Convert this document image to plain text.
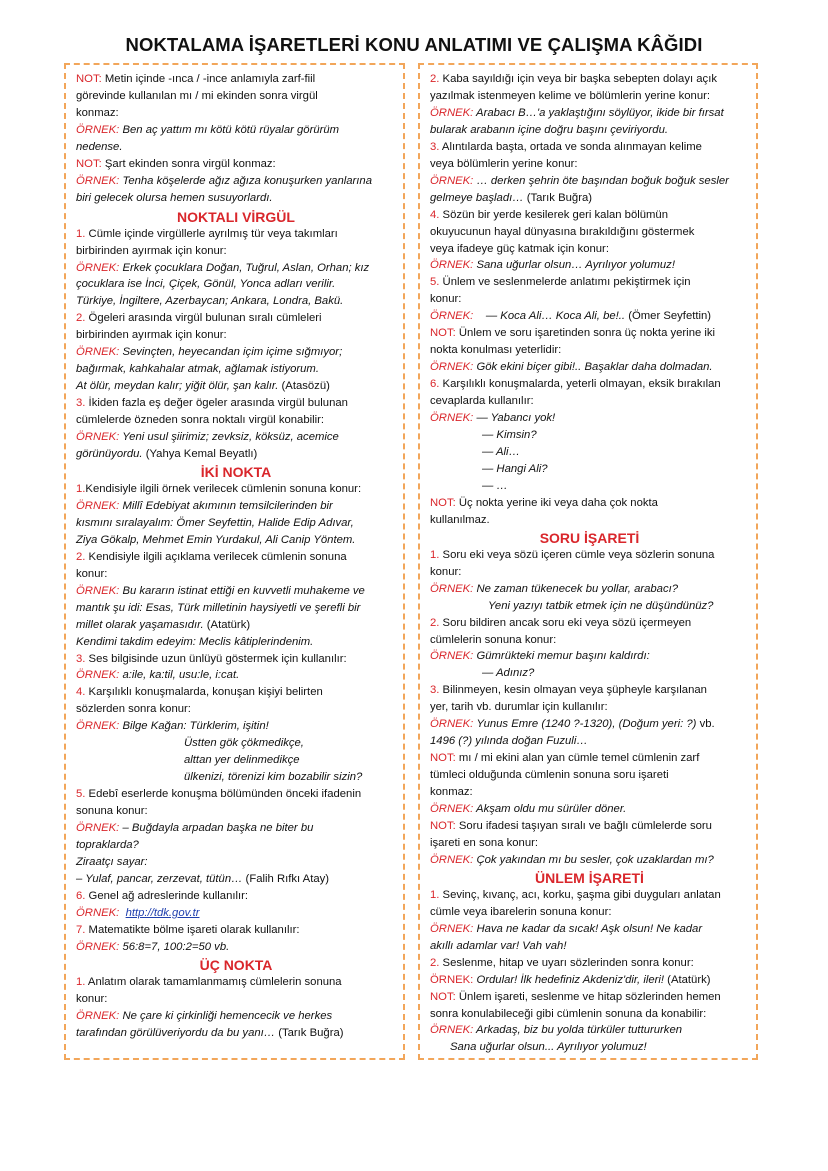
NOKTALAMA İŞARETLERİ KONU ANLATIMI VE ÇALIŞMA KÂĞIDI

NOT: Metin içinde -ınca / -ince anlamıyla zarf-fiil

görevinde kullanılan mı / mi ekinden sonra virgül

konmaz:

ÖRNEK: Ben aç yattım mı kötü kötü rüyalar görürüm

nedense.

NOT: Şart ekinden sonra virgül konmaz:

ÖRNEK: Tenha köşelerde ağız ağıza konuşurken yanlarına

biri gelecek olursa hemen susuyorlardı.

NOKTALI VİRGÜL

1. Cümle içinde virgüllerle ayrılmış tür veya takımları

birbirinden ayırmak için konur:

ÖRNEK: Erkek çocuklara Doğan, Tuğrul, Aslan, Orhan; kız

çocuklara ise İnci, Çiçek, Gönül, Yonca adları verilir.

Türkiye, İngiltere, Azerbaycan; Ankara, Londra, Bakü.

2. Ögeleri arasında virgül bulunan sıralı cümleleri

birbirinden ayırmak için konur:

ÖRNEK: Sevinçten, heyecandan içim içime sığmıyor;

bağırmak, kahkahalar atmak, ağlamak istiyorum.

At ölür, meydan kalır; yiğit ölür, şan kalır. (Atasözü)

3. İkiden fazla eş değer ögeler arasında virgül bulunan

cümlelerde özneden sonra noktalı virgül konabilir:

ÖRNEK: Yeni usul şiirimiz; zevksiz, köksüz, acemice

görünüyordu. (Yahya Kemal Beyatlı)

İKİ NOKTA

1.Kendisiyle ilgili örnek verilecek cümlenin sonuna konur:

ÖRNEK: Millî Edebiyat akımının temsilcilerinden bir

kısmını sıralayalım: Ömer Seyfettin, Halide Edip Adıvar,

Ziya Gökalp, Mehmet Emin Yurdakul, Ali Canip Yöntem.

2. Kendisiyle ilgili açıklama verilecek cümlenin sonuna

konur:

ÖRNEK: Bu kararın istinat ettiği en kuvvetli muhakeme ve

mantık şu idi: Esas, Türk milletinin haysiyetli ve şerefli bir

millet olarak yaşamasıdır. (Atatürk)

Kendimi takdim edeyim: Meclis kâtiplerindenim.

3. Ses bilgisinde uzun ünlüyü göstermek için kullanılır:

ÖRNEK: a:ile, ka:til, usu:le, i:cat.

4. Karşılıklı konuşmalarda, konuşan kişiyi belirten

sözlerden sonra konur:

ÖRNEK: Bilge Kağan: Türklerim, işitin!

Üstten gök çökmedikçe,

alttan yer delinmedikçe

ülkenizi, törenizi kim bozabilir sizin?

5. Edebî eserlerde konuşma bölümünden önceki ifadenin

sonuna konur:

ÖRNEK: – Buğdayla arpadan başka ne biter bu

topraklarda?

Ziraatçı sayar:

– Yulaf, pancar, zerzevat, tütün… (Falih Rıfkı Atay)

6. Genel ağ adreslerinde kullanılır:

ÖRNEK: http://tdk.gov.tr

7. Matematikte bölme işareti olarak kullanılır:

ÖRNEK: 56:8=7, 100:2=50 vb.

ÜÇ NOKTA

1. Anlatım olarak tamamlanmamış cümlelerin sonuna

konur:

ÖRNEK: Ne çare ki çirkinliği hemencecik ve herkes

tarafından görülüveriyordu da bu yanı… (Tarık Buğra)

2. Kaba sayıldığı için veya bir başka sebepten dolayı açık

yazılmak istenmeyen kelime ve bölümlerin yerine konur:

ÖRNEK: Arabacı B…'a yaklaştığını söylüyor, ikide bir fırsat

bularak arabanın içine doğru başını çeviriyordu.

3. Alıntılarda başta, ortada ve sonda alınmayan kelime

veya bölümlerin yerine konur:

ÖRNEK: … derken şehrin öte başından boğuk boğuk sesler

gelmeye başladı… (Tarık Buğra)

4. Sözün bir yerde kesilerek geri kalan bölümün

okuyucunun hayal dünyasına bırakıldığını göstermek

veya ifadeye güç katmak için konur:

ÖRNEK: Sana uğurlar olsun… Ayrılıyor yolumuz!

5. Ünlem ve seslenmelerde anlatımı pekiştirmek için

konur:

ÖRNEK: — Koca Ali… Koca Ali, be!.. (Ömer Seyfettin)

NOT: Ünlem ve soru işaretinden sonra üç nokta yerine iki

nokta konulması yeterlidir:

ÖRNEK: Gök ekini biçer gibi!.. Başaklar daha dolmadan.

6. Karşılıklı konuşmalarda, yeterli olmayan, eksik bırakılan

cevaplarda kullanılır:

ÖRNEK: — Yabancı yok!

— Kimsin?

— Ali…

— Hangi Ali?

— …

NOT: Üç nokta yerine iki veya daha çok nokta

kullanılmaz.

SORU İŞARETİ

1. Soru eki veya sözü içeren cümle veya sözlerin sonuna

konur:

ÖRNEK: Ne zaman tükenecek bu yollar, arabacı?

Yeni yazıyı tatbik etmek için ne düşündünüz?

2. Soru bildiren ancak soru eki veya sözü içermeyen

cümlelerin sonuna konur:

ÖRNEK: Gümrükteki memur başını kaldırdı:

— Adınız?

3. Bilinmeyen, kesin olmayan veya şüpheyle karşılanan

yer, tarih vb. durumlar için kullanılır:

ÖRNEK: Yunus Emre (1240 ?-1320), (Doğum yeri: ?) vb.

1496 (?) yılında doğan Fuzuli…

NOT: mı / mi ekini alan yan cümle temel cümlenin zarf

tümleci olduğunda cümlenin sonuna soru işareti

konmaz:

ÖRNEK: Akşam oldu mu sürüler döner.

NOT: Soru ifadesi taşıyan sıralı ve bağlı cümlelerde soru

işareti en sona konur:

ÖRNEK: Çok yakından mı bu sesler, çok uzaklardan mı?

ÜNLEM İŞARETİ

1. Sevinç, kıvanç, acı, korku, şaşma gibi duyguları anlatan

cümle veya ibarelerin sonuna konur:

ÖRNEK: Hava ne kadar da sıcak! Aşk olsun! Ne kadar

akıllı adamlar var! Vah vah!

2. Seslenme, hitap ve uyarı sözlerinden sonra konur:

ÖRNEK: Ordular! İlk hedefiniz Akdeniz'dir, ileri! (Atatürk)

NOT: Ünlem işareti, seslenme ve hitap sözlerinden hemen

sonra konulabileceği gibi cümlenin sonuna da konabilir:

ÖRNEK: Arkadaş, biz bu yolda türküler tuttururken

Sana uğurlar olsun... Ayrılıyor yolumuz!
